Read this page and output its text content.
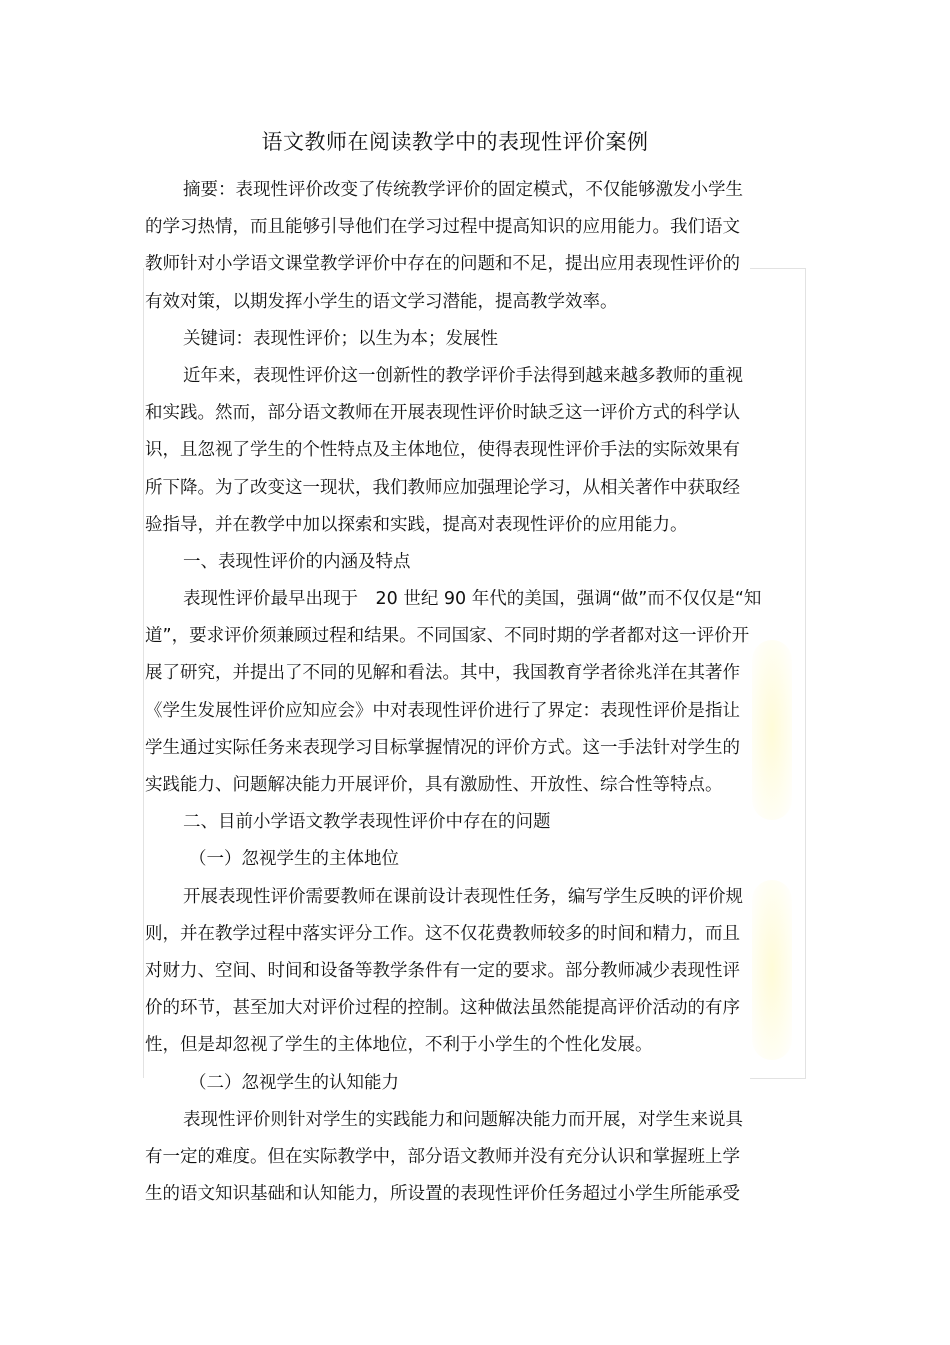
语文教师在阅读教学中的表现性评价案例
摘要：表现性评价改变了传统教学评价的固定模式，不仅能够激发小学生
的学习热情，而且能够引导他们在学习过程中提高知识的应用能力。我们语文
教师针对小学语文课堂教学评价中存在的问题和不足，提出应用表现性评价的
有效对策，以期发挥小学生的语文学习潜能，提高教学效率。
关键词：表现性评价；以生为本；发展性
近年来，表现性评价这一创新性的教学评价手法得到越来越多教师的重视
和实践。然而，部分语文教师在开展表现性评价时缺乏这一评价方式的科学认
识，且忽视了学生的个性特点及主体地位，使得表现性评价手法的实际效果有
所下降。为了改变这一现状，我们教师应加强理论学习，从相关著作中获取经
验指导，并在教学中加以探索和实践，提高对表现性评价的应用能力。
一、表现性评价的内涵及特点
表现性评价最早出现于　20 世纪 90 年代的美国，强调“做”而不仅仅是“知
道”，要求评价须兼顾过程和结果。不同国家、不同时期的学者都对这一评价开
展了研究，并提出了不同的见解和看法。其中，我国教育学者徐兆洋在其著作
《学生发展性评价应知应会》中对表现性评价进行了界定：表现性评价是指让
学生通过实际任务来表现学习目标掌握情况的评价方式。这一手法针对学生的
实践能力、问题解决能力开展评价，具有激励性、开放性、综合性等特点。
二、目前小学语文教学表现性评价中存在的问题
（一）忽视学生的主体地位
开展表现性评价需要教师在课前设计表现性任务，编写学生反映的评价规
则，并在教学过程中落实评分工作。这不仅花费教师较多的时间和精力，而且
对财力、空间、时间和设备等教学条件有一定的要求。部分教师减少表现性评
价的环节，甚至加大对评价过程的控制。这种做法虽然能提高评价活动的有序
性，但是却忽视了学生的主体地位，不利于小学生的个性化发展。
（二）忽视学生的认知能力
表现性评价则针对学生的实践能力和问题解决能力而开展，对学生来说具
有一定的难度。但在实际教学中，部分语文教师并没有充分认识和掌握班上学
生的语文知识基础和认知能力，所设置的表现性评价任务超过小学生所能承受
